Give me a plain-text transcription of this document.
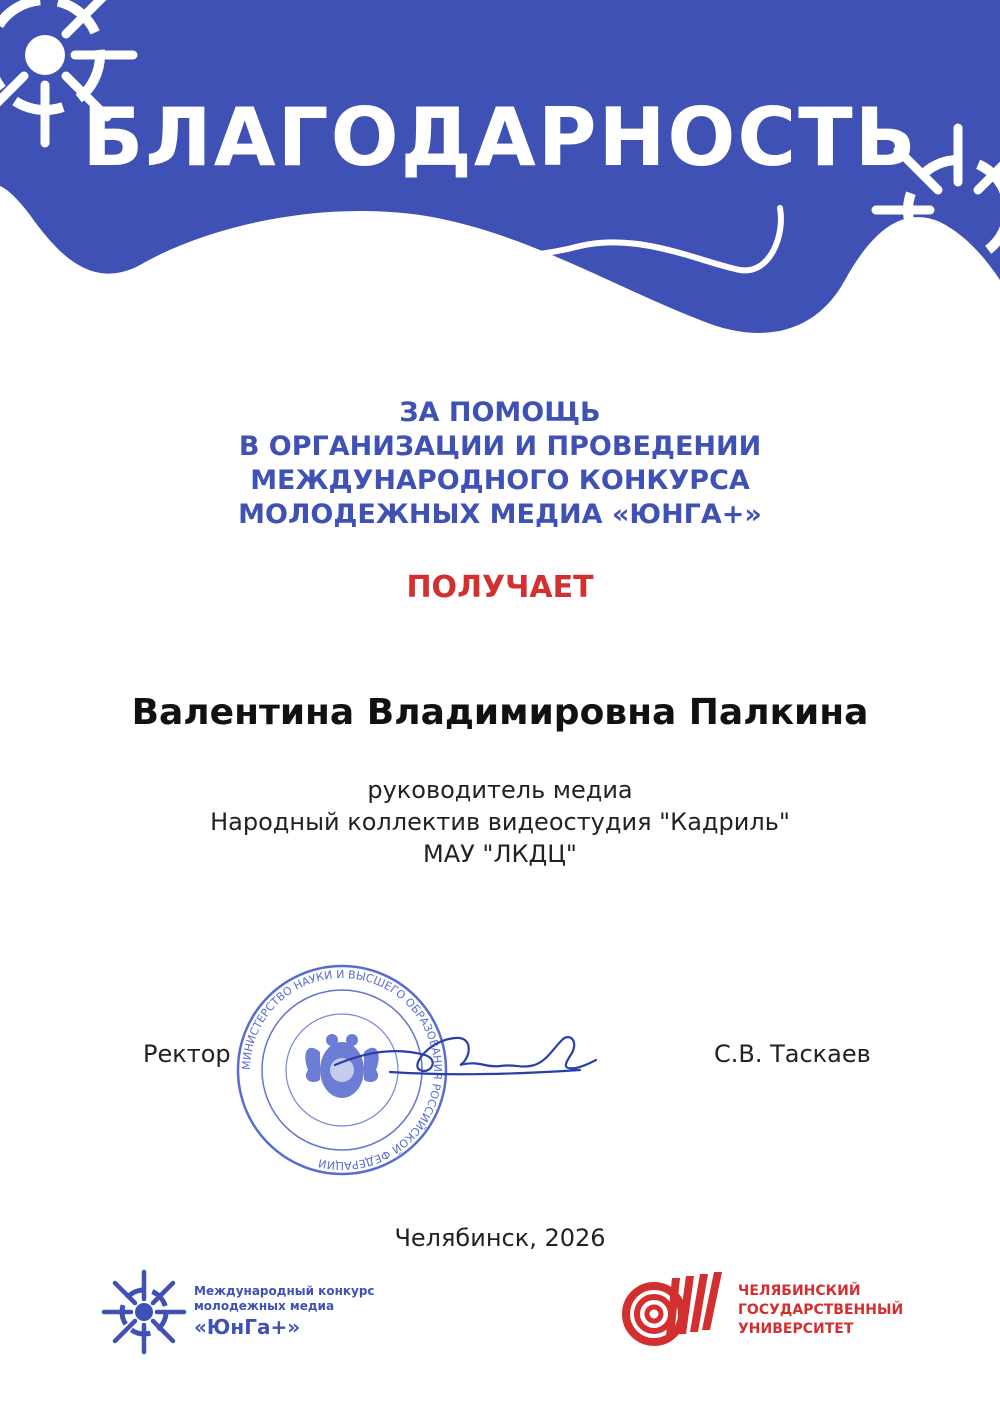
БЛАГОДАРНОСТЬ
ЗА ПОМОЩЬ
В ОРГАНИЗАЦИИ И ПРОВЕДЕНИИ
МЕЖДУНАРОДНОГО КОНКУРСА
МОЛОДЕЖНЫХ МЕДИА «ЮНГА+»
ПОЛУЧАЕТ
Валентина Владимировна Палкина
руководитель медиа
Народный коллектив видеостудия "Кадриль"
МАУ "ЛКДЦ"
МИНИСТЕРСТВО НАУКИ И ВЫСШЕГО ОБРАЗОВАНИЯ РОССИЙСКОЙ ФЕДЕРАЦИИ
Ректор	С.В. Таскаев
Челябинск, 2026
Международный конкурс
молодежных медиа
«ЮнГа+»
ЧЕЛЯБИНСКИЙ
ГОСУДАРСТВЕННЫЙ
УНИВЕРСИТЕТ
